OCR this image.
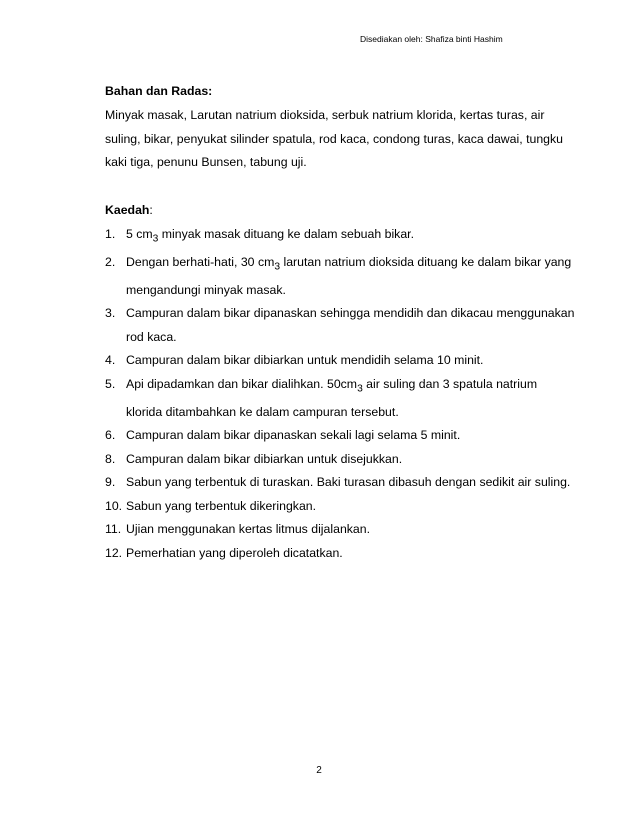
Disediakan oleh: Shafiza binti Hashim
Bahan dan Radas:

Minyak masak, Larutan natrium dioksida, serbuk natrium klorida, kertas turas, air suling, bikar, penyukat silinder spatula, rod kaca, condong turas, kaca dawai, tungku kaki tiga, penunu Bunsen, tabung uji.

Kaedah:
1. 5 $cm_3$ minyak masak dituang ke dalam sebuah bikar.
2. Dengan berhati-hati, 30 $cm_3$ larutan natrium dioksida dituang ke dalam bikar yang mengandungi minyak masak.
3. Campuran dalam bikar dipanaskan sehingga mendidih dan dikacau menggunakan rod kaca.
4. Campuran dalam bikar dibiarkan untuk mendidih selama 10 minit.
5. Api dipadamkan dan bikar dialihkan. $50cm_3$ air suling dan 3 spatula natrium klorida ditambahkan ke dalam campuran tersebut.
6. Campuran dalam bikar dipanaskan sekali lagi selama 5 minit.
8. Campuran dalam bikar dibiarkan untuk disejukkan.
9. Sabun yang terbentuk di turaskan. Baki turasan dibasuh dengan sedikit air suling.
10. Sabun yang terbentuk dikeringkan.
11. Ujian menggunakan kertas litmus dijalankan.
12. Pemerhatian yang diperoleh dicatatkan.
2
